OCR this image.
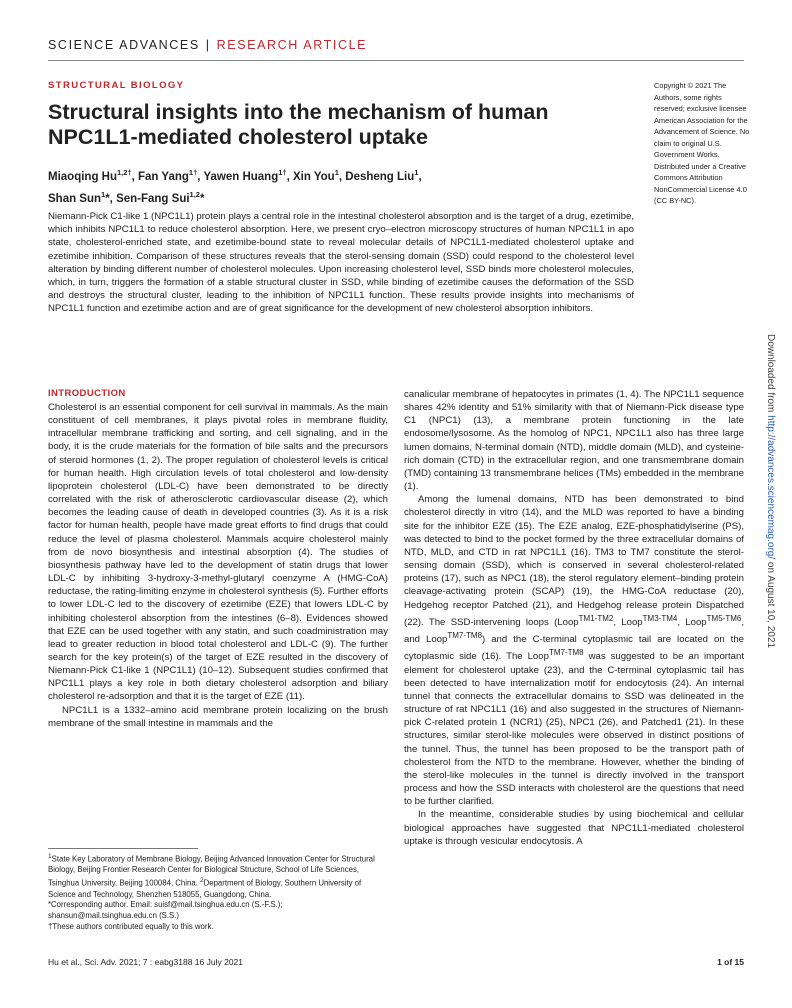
SCIENCE ADVANCES | RESEARCH ARTICLE
STRUCTURAL BIOLOGY
Structural insights into the mechanism of human NPC1L1-mediated cholesterol uptake
Miaoqing $Hu^{1,2\dagger}$, Fan Yang$^{1\dagger}$, Yawen Huang$^{1\dagger}$, Xin You$^1$, Desheng Liu$^1$,
Shan Sun$^1$*, Sen-Fang Sui$^{1,2}$*
Niemann-Pick C1-like 1 (NPC1L1) protein plays a central role in the intestinal cholesterol absorption and is the target of a drug, ezetimibe, which inhibits NPC1L1 to reduce cholesterol absorption. Here, we present cryo–electron microscopy structures of human NPC1L1 in apo state, cholesterol-enriched state, and ezetimibe-bound state to reveal molecular details of NPC1L1-mediated cholesterol uptake and ezetimibe inhibition. Comparison of these structures reveals that the sterol-sensing domain (SSD) could respond to the cholesterol level alteration by binding different number of cholesterol molecules. Upon increasing cholesterol level, SSD binds more cholesterol molecules, which, in turn, triggers the formation of a stable structural cluster in SSD, while binding of ezetimibe causes the deformation of the SSD and destroys the structural cluster, leading to the inhibition of NPC1L1 function. These results provide insights into mechanisms of NPC1L1 function and ezetimibe action and are of great significance for the development of new cholesterol absorption inhibitors.
Copyright © 2021 The Authors, some rights reserved; exclusive licensee American Association for the Advancement of Science. No claim to original U.S. Government Works. Distributed under a Creative Commons Attribution NonCommercial License 4.0 (CC BY-NC).
Downloaded from http://advances.sciencemag.org/ on August 10, 2021
INTRODUCTION

Cholesterol is an essential component for cell survival in mammals. As the main constituent of cell membranes, it plays pivotal roles in membrane fluidity, intracellular membrane trafficking and sorting, and cell signaling, and in the body, it is the crude materials for the formation of bile salts and the precursors of steroid hormones (1, 2). The proper regulation of cholesterol levels is critical for human health. High circulation levels of total cholesterol and low-density lipoprotein cholesterol (LDL-C) have been demonstrated to be directly correlated with the risk of atherosclerotic cardiovascular disease (2), which becomes the leading cause of death in developed countries (3). As it is a risk factor for human health, people have made great efforts to find drugs that could reduce the level of plasma cholesterol. Mammals acquire cholesterol mainly from de novo biosynthesis and intestinal absorption (4). The studies of biosynthesis pathway have led to the development of statin drugs that lower LDL-C by inhibiting 3-hydroxy-3-methyl-glutaryl coenzyme A (HMG-CoA) reductase, the rating-limiting enzyme in cholesterol synthesis (5). Further efforts to lower LDL-C led to the discovery of ezetimibe (EZE) that lowers LDL-C by inhibiting cholesterol absorption from the intestines (6–8). Evidences showed that EZE can be used together with any statin, and such coadministration may lead to greater reduction in blood total cholesterol and LDL-C (9). The further search for the key protein(s) of the target of EZE resulted in the discovery of Niemann-Pick C1-like 1 (NPC1L1) (10–12). Subsequent studies confirmed that NPC1L1 plays a key role in both dietary cholesterol adsorption and biliary cholesterol re-adsorption and that it is the target of EZE (11).

NPC1L1 is a 1332–amino acid membrane protein localizing on the brush membrane of the small intestine in mammals and the

canalicular membrane of hepatocytes in primates (1, 4). The NPC1L1 sequence shares 42% identity and 51% similarity with that of Niemann-Pick disease type C1 (NPC1) (13), a membrane protein functioning in the late endosome/lysosome. As the homolog of NPC1, NPC1L1 also has three large lumen domains, N-terminal domain (NTD), middle domain (MLD), and cysteine-rich domain (CTD) in the extracellular region, and one transmembrane domain (TMD) containing 13 transmembrane helices (TMs) embedded in the membrane (1).

Among the lumenal domains, NTD has been demonstrated to bind cholesterol directly in vitro (14), and the MLD was reported to have a binding site for the inhibitor EZE (15). The EZE analog, EZE-phosphatidylserine (PS), was detected to bind to the pocket formed by the three extracellular domains of NTD, MLD, and CTD in rat NPC1L1 (16). TM3 to TM7 constitute the sterol-sensing domain (SSD), which is conserved in several cholesterol-related proteins (17), such as NPC1 (18), the sterol regulatory element–binding protein cleavage-activating protein (SCAP) (19), the HMG-CoA reductase (20), Hedgehog receptor Patched (21), and Hedgehog release protein Dispatched (22). The SSD-intervening loops (Loop$^{TM1-TM2}$, Loop$^{TM3-TM4}$, Loop$^{TM5-TM6}$, and Loop$^{TM7-TM8}$) and the C-terminal cytoplasmic tail are located on the cytoplasmic side (16). The Loop$^{TM7-TM8}$ was suggested to be an important element for cholesterol uptake (23), and the C-terminal cytoplasmic tail has been detected to have internalization motif for endocytosis (24). An internal tunnel that connects the extracellular domains to SSD was delineated in the structure of rat NPC1L1 (16) and also suggested in the structures of Niemann-pick C-related protein 1 (NCR1) (25), NPC1 (26), and Patched1 (21). In these structures, similar sterol-like molecules were observed in distinct positions of the tunnel. Thus, the tunnel has been proposed to be the transport path of cholesterol from the NTD to the membrane. However, whether the binding of the sterol-like molecules in the tunnel is directly involved in the transport process and how the SSD interacts with cholesterol are the questions that need to be further clarified.

In the meantime, considerable studies by using biochemical and cellular biological approaches have suggested that NPC1L1-mediated cholesterol uptake is through vesicular endocytosis. A

$^1$State Key Laboratory of Membrane Biology, Beijing Advanced Innovation Center for Structural Biology, Beijing Frontier Research Center for Biological Structure, School of Life Sciences, Tsinghua University, Beijing 100084, China. $^2$Department of Biology, Southern University of Science and Technology, Shenzhen 518055, Guangdong, China.
*Corresponding author. Email: suisf@mail.tsinghua.edu.cn (S.-F.S.); shansun@mail.tsinghua.edu.cn (S.S.)
†These authors contributed equally to this work.
Hu et al., Sci. Adv. 2021; 7 : eabg3188 16 July 2021	1 of 15
